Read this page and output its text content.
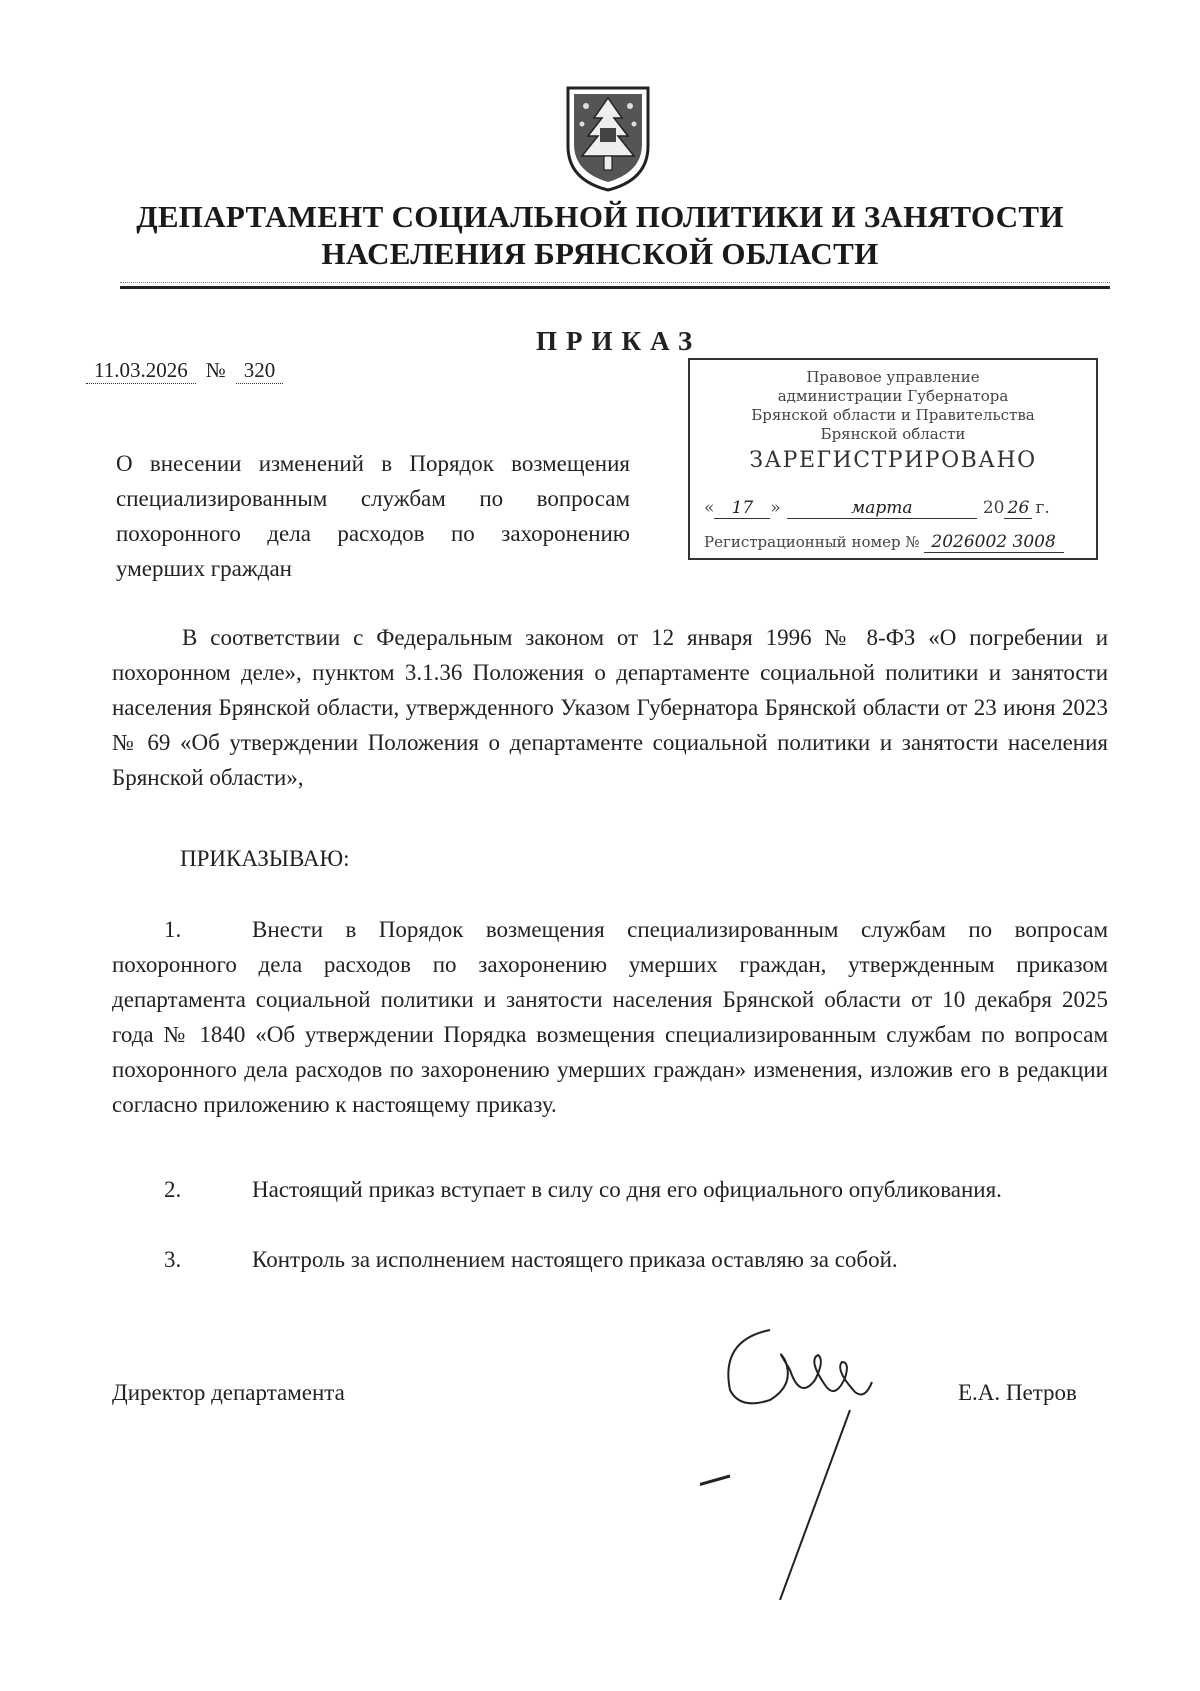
ДЕПАРТАМЕНТ СОЦИАЛЬНОЙ ПОЛИТИКИ И ЗАНЯТОСТИ
НАСЕЛЕНИЯ БРЯНСКОЙ ОБЛАСТИ
ПРИКАЗ
11.03.2026 № 320
О внесении изменений в Порядок возмещения специализированным службам по вопросам похоронного дела расходов по захоронению умерших граждан
Правовое управление
администрации Губернатора
Брянской области и Правительства
Брянской области
ЗАРЕГИСТРИРОВАНО
«	17	»	марта	20 26 г.
Регистрационный номер № 2026002 3008
В соответствии с Федеральным законом от 12 января 1996 № 8-ФЗ «О погребении и похоронном деле», пунктом 3.1.36 Положения о департаменте социальной политики и занятости населения Брянской области, утвержденного Указом Губернатора Брянской области от 23 июня 2023 № 69 «Об утверждении Положения о департаменте социальной политики и занятости населения Брянской области»,
ПРИКАЗЫВАЮ:
1.	Внести в Порядок возмещения специализированным службам по вопросам похоронного дела расходов по захоронению умерших граждан, утвержденным приказом департамента социальной политики и занятости населения Брянской области от 10 декабря 2025 года № 1840 «Об утверждении Порядка возмещения специализированным службам по вопросам похоронного дела расходов по захоронению умерших граждан» изменения, изложив его в редакции согласно приложению к настоящему приказу.
2.	Настоящий приказ вступает в силу со дня его официального опубликования.
3.	Контроль за исполнением настоящего приказа оставляю за собой.
Директор департамента	Е.А. Петров
